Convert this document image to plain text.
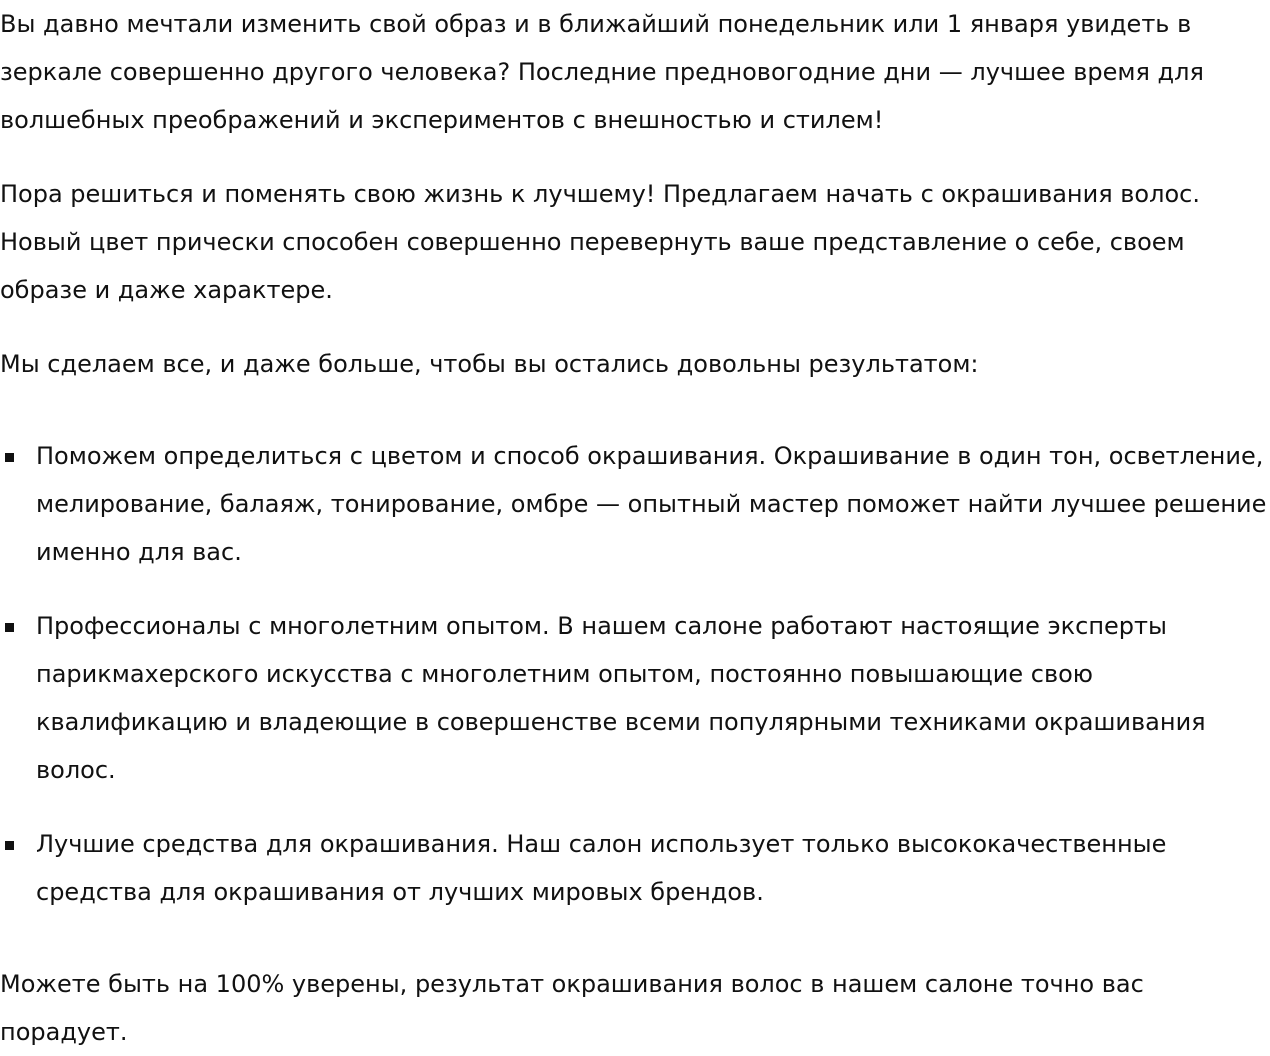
Вы давно мечтали изменить свой образ и в ближайший понедельник или 1 января увидеть в зеркале совершенно другого человека? Последние предновогодние дни — лучшее время для волшебных преображений и экспериментов с внешностью и стилем!

Пора решиться и поменять свою жизнь к лучшему! Предлагаем начать с окрашивания волос. Новый цвет прически способен совершенно перевернуть ваше представление о себе, своем образе и даже характере.

Мы сделаем все, и даже больше, чтобы вы остались довольны результатом:

Поможем определиться с цветом и способ окрашивания. Окрашивание в один тон, осветление, мелирование, балаяж, тонирование, омбре — опытный мастер поможет найти лучшее решение именно для вас.
Профессионалы с многолетним опытом. В нашем салоне работают настоящие эксперты парикмахерского искусства с многолетним опытом, постоянно повышающие свою квалификацию и владеющие в совершенстве всеми популярными техниками окрашивания волос.
Лучшие средства для окрашивания. Наш салон использует только высококачественные средства для окрашивания от лучших мировых брендов.

Можете быть на 100% уверены, результат окрашивания волос в нашем салоне точно вас порадует.
